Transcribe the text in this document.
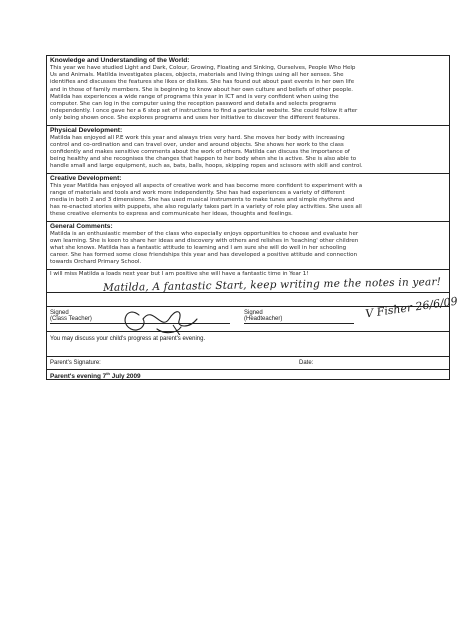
Knowledge and Understanding of the World:
This year we have studied Light and Dark, Colour, Growing, Floating and Sinking, Ourselves, People Who Help
Us and Animals. Matilda investigates places, objects, materials and living things using all her senses. She
identifies and discusses the features she likes or dislikes. She has found out about past events in her own life
and in those of family members. She is beginning to know about her own culture and beliefs of other people.
Matilda has experiences a wide range of programs this year in ICT and is very confident when using the
computer. She can log in the computer using the reception password and details and selects programs
independently. I once gave her a 6 step set of instructions to find a particular website. She could follow it after
only being shown once. She explores programs and uses her initiative to discover the different features.
Physical Development:
Matilda has enjoyed all P.E work this year and always tries very hard. She moves her body with increasing
control and co-ordination and can travel over, under and around objects. She shows her work to the class
confidently and makes sensitive comments about the work of others. Matilda can discuss the importance of
being healthy and she recognises the changes that happen to her body when she is active. She is also able to
handle small and large equipment, such as, bats, balls, hoops, skipping ropes and scissors with skill and control.
Creative Development:
This year Matilda has enjoyed all aspects of creative work and has become more confident to experiment with a
range of materials and tools and work more independently. She has had experiences a variety of different
media in both 2 and 3 dimensions. She has used musical instruments to make tunes and simple rhythms and
has re-enacted stories with puppets, she also regularly takes part in a variety of role play activities. She uses all
these creative elements to express and communicate her ideas, thoughts and feelings.
General Comments:
Matilda is an enthusiastic member of the class who especially enjoys opportunities to choose and evaluate her
own learning. She is keen to share her ideas and discovery with others and relishes in 'teaching' other children
what she knows. Matilda has a fantastic attitude to learning and I am sure she will do well in her schooling
career. She has formed some close friendships this year and has developed a positive attitude and connection
towards Orchard Primary School.
I will miss Matilda a loads next year but I am positive she will have a fantastic time in Year 1!
Matilda, A fantastic Start, keep writing me the notes in year!
Signed
(Class Teacher)
Signed
(Headteacher)	V Fisher 26/6/09
You may discuss your child's progress at parent's evening.
Parent's Signature:	Date:
Parent's evening 7th July 2009
